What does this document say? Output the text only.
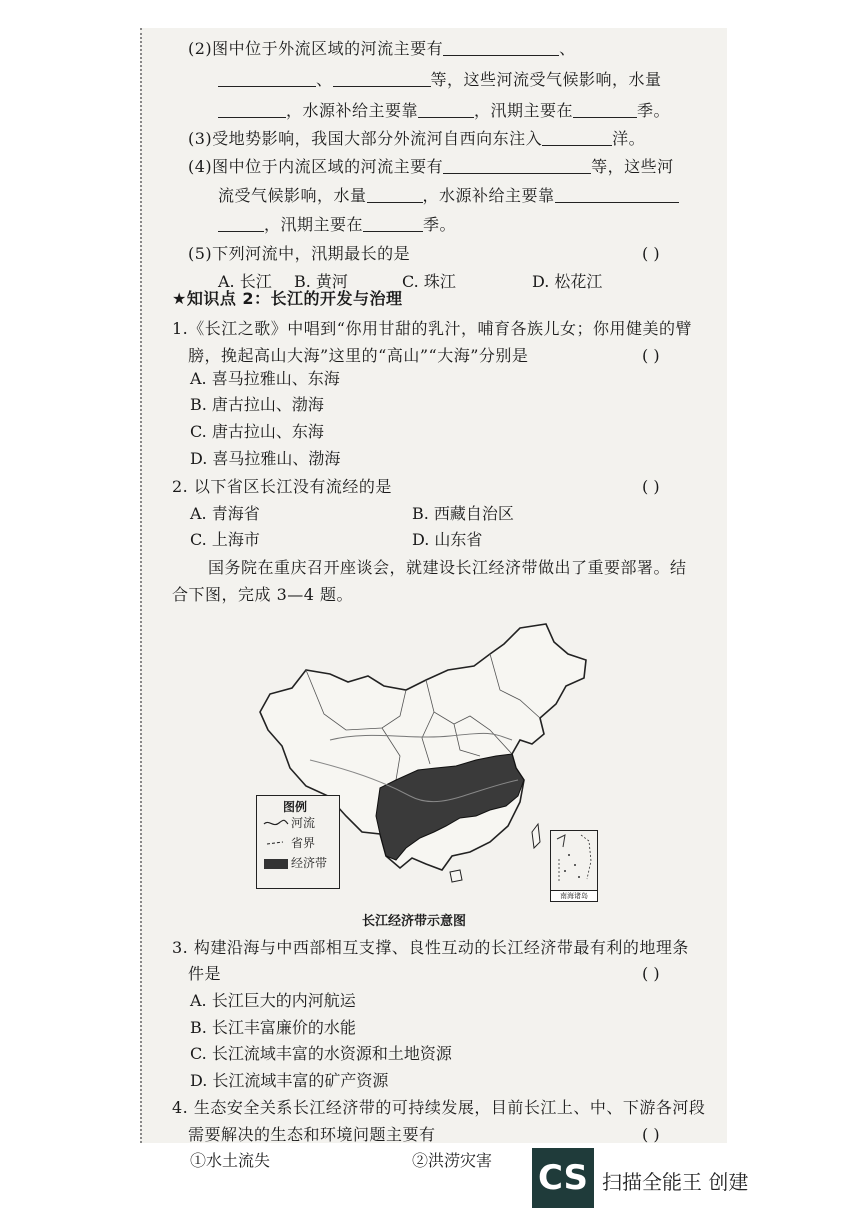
(2)图中位于外流区域的河流主要有	、
、	等，这些河流受气候影响，水量
，水源补给主要靠	，汛期主要在	季。
(3)受地势影响，我国大部分外流河自西向东注入	洋。
(4)图中位于内流区域的河流主要有	等，这些河
流受气候影响，水量	，水源补给主要靠
，汛期主要在	季。
(5)下列河流中，汛期最长的是	( )
A. 长江 B. 黄河	C. 珠江	D. 松花江
★知识点 2：长江的开发与治理
1.《长江之歌》中唱到“你用甘甜的乳汁，哺育各族儿女；你用健美的臂
膀，挽起高山大海”这里的“高山”“大海”分别是	( )
A. 喜马拉雅山、东海
B. 唐古拉山、渤海
C. 唐古拉山、东海
D. 喜马拉雅山、渤海
2. 以下省区长江没有流经的是	( )
A. 青海省	B. 西藏自治区
C. 上海市	D. 山东省
国务院在重庆召开座谈会，就建设长江经济带做出了重要部署。结
合下图，完成 3—4 题。
图例
河流
省界
经济带
南海诸岛
长江经济带示意图
3. 构建沿海与中西部相互支撑、良性互动的长江经济带最有利的地理条
件是	( )
A. 长江巨大的内河航运
B. 长江丰富廉价的水能
C. 长江流域丰富的水资源和土地资源
D. 长江流域丰富的矿产资源
4. 生态安全关系长江经济带的可持续发展，目前长江上、中、下游各河段
需要解决的生态和环境问题主要有	( )
①水土流失	②洪涝灾害 CS 扫描全能王 创建
